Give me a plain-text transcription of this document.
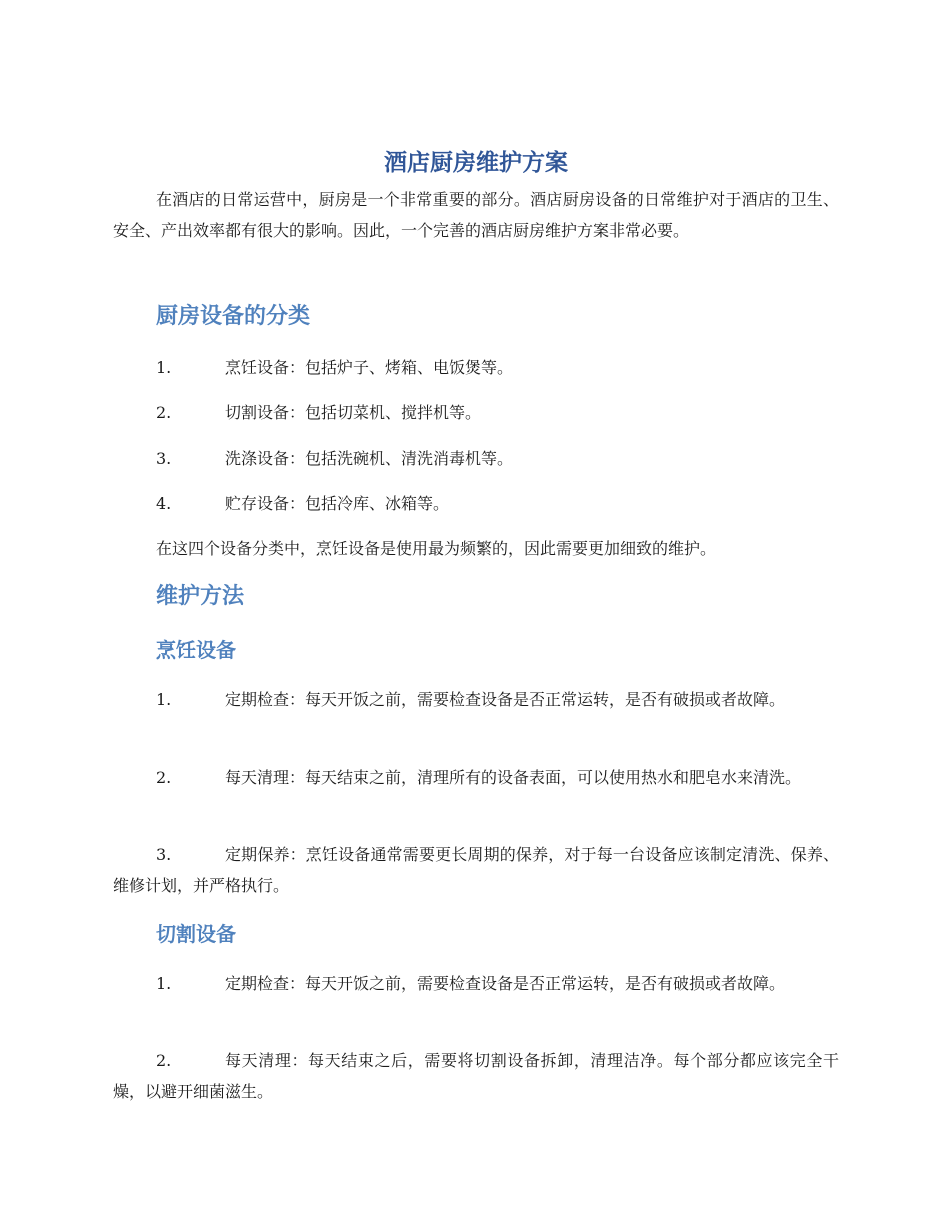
酒店厨房维护方案

在酒店的日常运营中，厨房是一个非常重要的部分。酒店厨房设备的日常维护对于酒店的卫生、安全、产出效率都有很大的影响。因此，一个完善的酒店厨房维护方案非常必要。

厨房设备的分类
1.	烹饪设备：包括炉子、烤箱、电饭煲等。
2.	切割设备：包括切菜机、搅拌机等。
3.	洗涤设备：包括洗碗机、清洗消毒机等。
4.	贮存设备：包括冷库、冰箱等。

在这四个设备分类中，烹饪设备是使用最为频繁的，因此需要更加细致的维护。

维护方法
烹饪设备
1.	定期检查：每天开饭之前，需要检查设备是否正常运转，是否有破损或者故障。
2.	每天清理：每天结束之前，清理所有的设备表面，可以使用热水和肥皂水来清洗。
3.	定期保养：烹饪设备通常需要更长周期的保养，对于每一台设备应该制定清洗、保养、维修计划，并严格执行。
切割设备
1.	定期检查：每天开饭之前，需要检查设备是否正常运转，是否有破损或者故障。
2.	每天清理：每天结束之后，需要将切割设备拆卸，清理洁净。每个部分都应该完全干燥，以避开细菌滋生。
